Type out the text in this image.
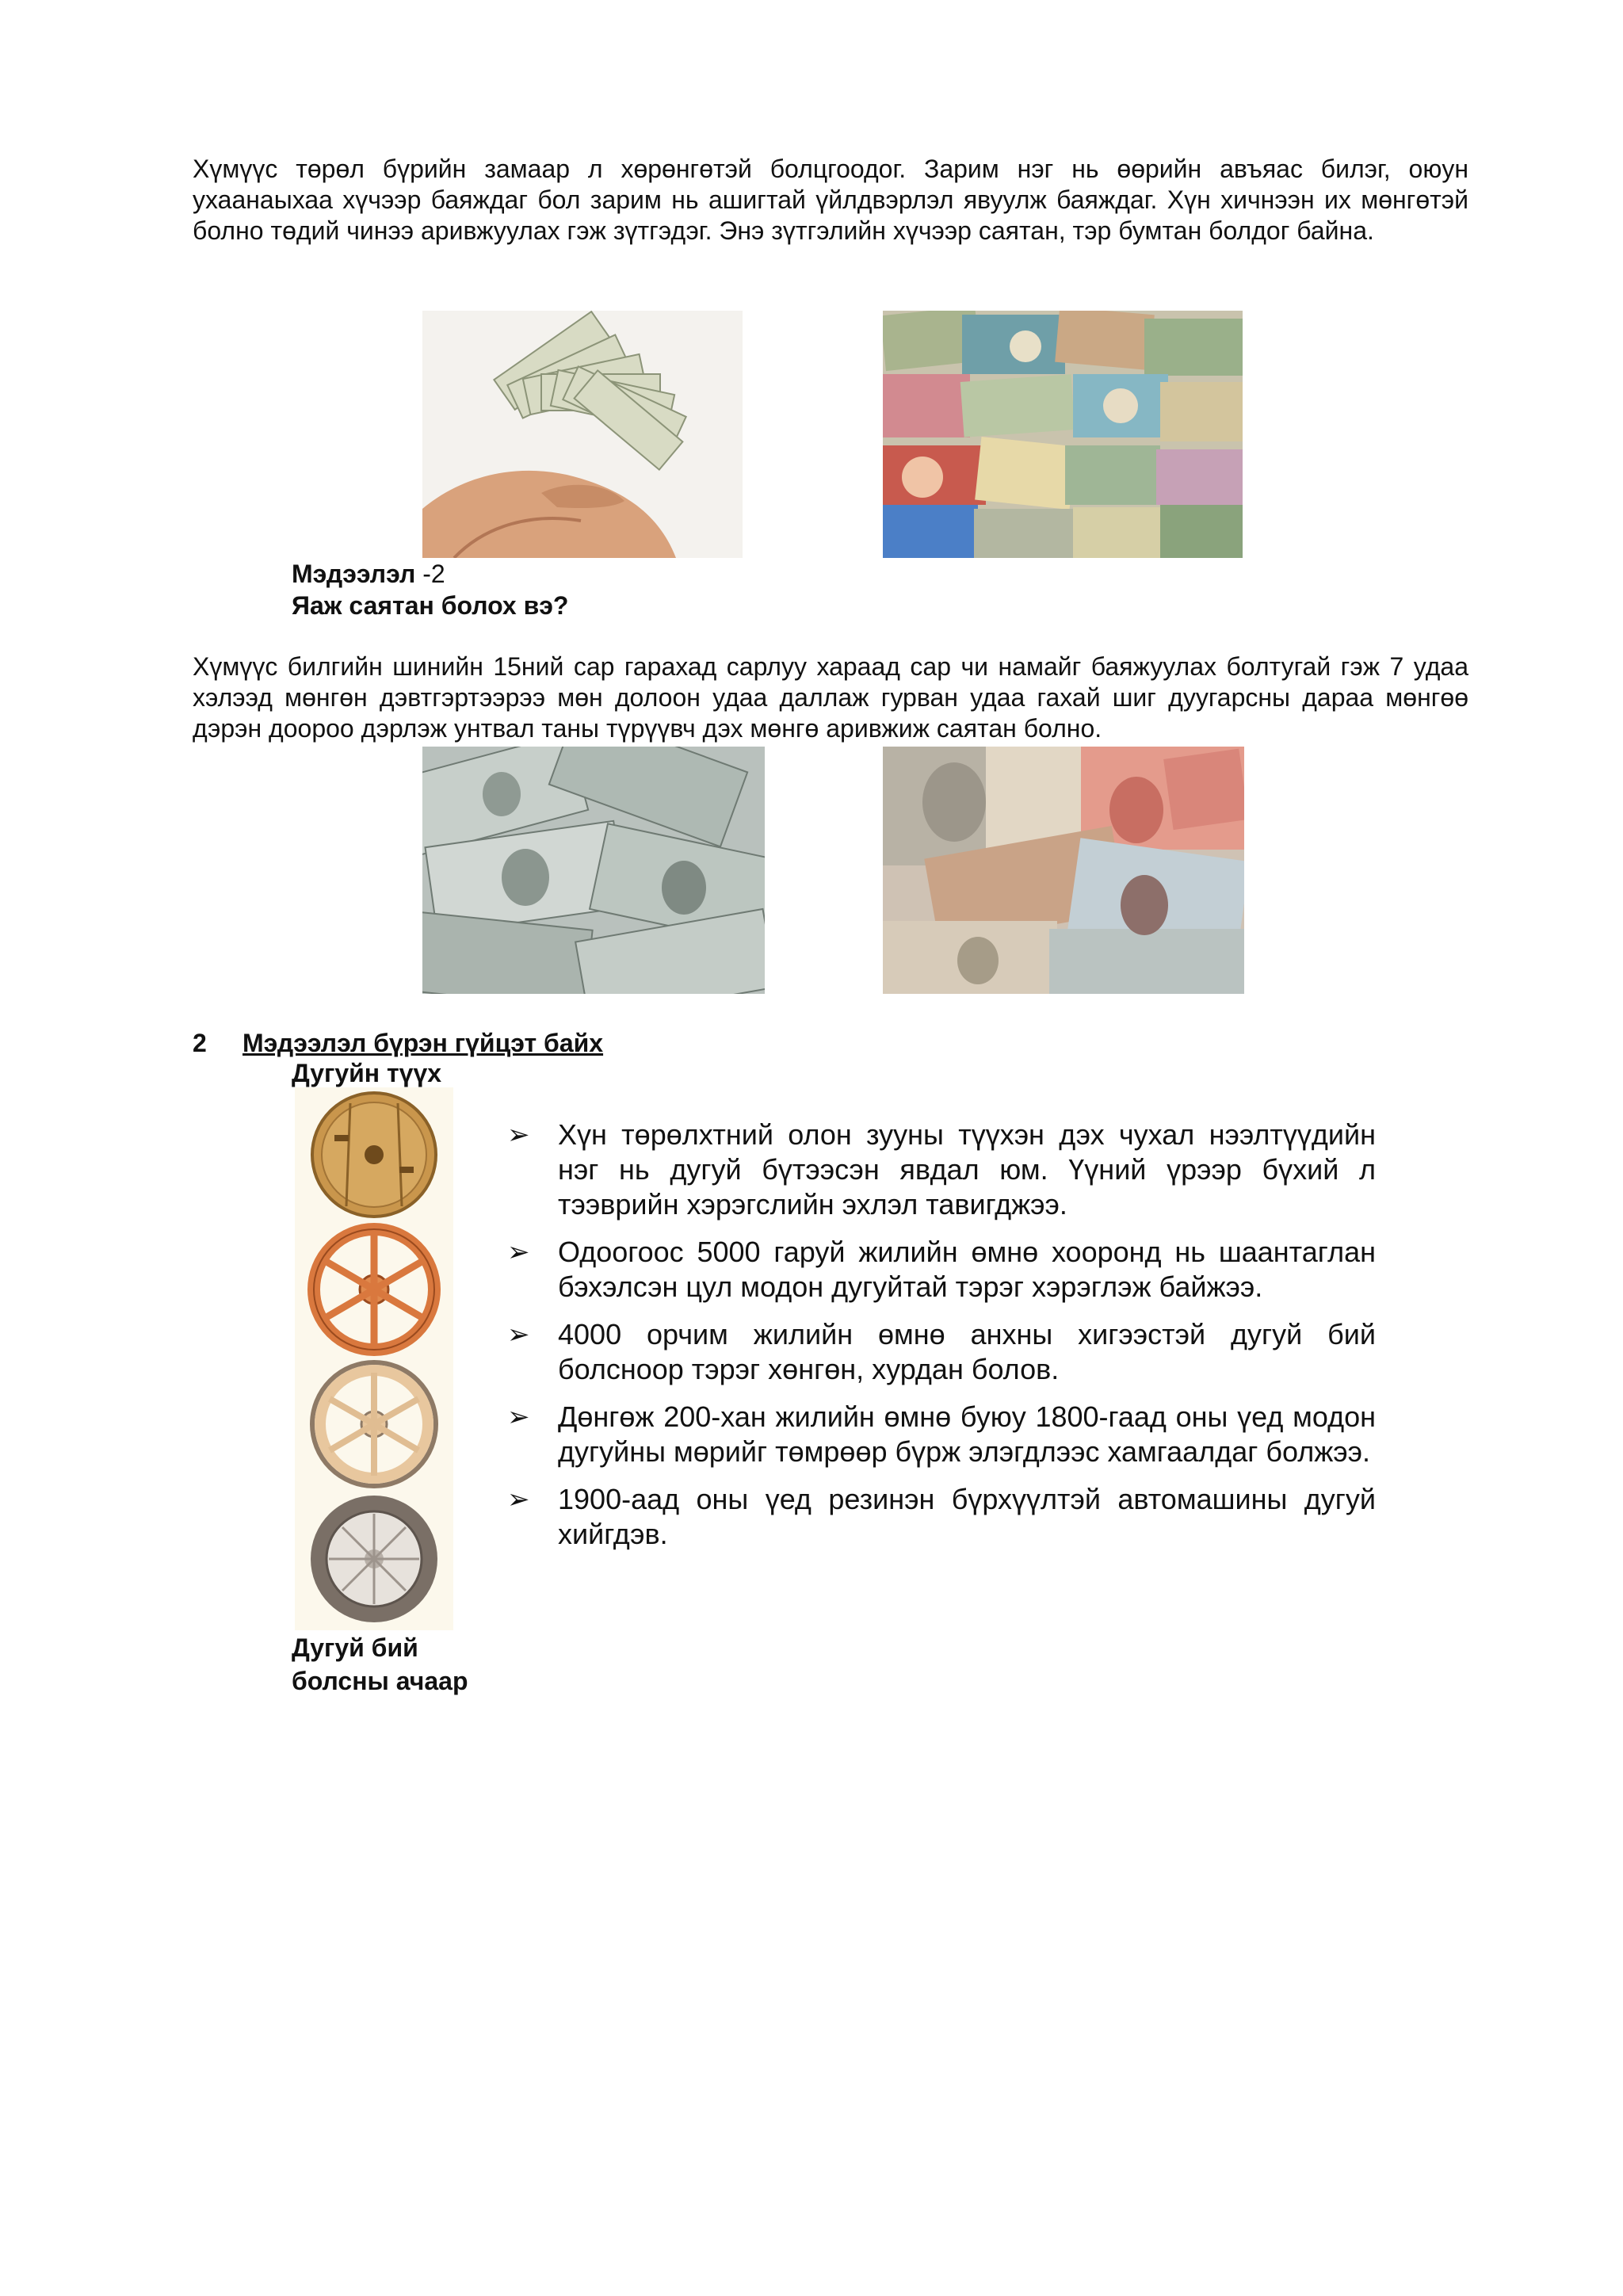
Хүмүүс төрөл бүрийн замаар л хөрөнгөтэй болцгоодог. Зарим нэг нь өөрийн авъяас билэг, оюун ухаанаыхаа хүчээр баяждаг бол зарим нь ашигтай үйлдвэрлэл явуулж баяждаг. Хүн хичнээн их мөнгөтэй болно төдий чинээ аривжуулах гэж зүтгэдэг. Энэ зүтгэлийн хүчээр саятан, тэр бумтан болдог байна.

Мэдээлэл -2
Яаж саятан болох вэ?

Хүмүүс билгийн шинийн 15ний сар гарахад сарлуу хараад сар чи намайг баяжуулах болтугай гэж 7 удаа хэлээд мөнгөн дэвтгэртээрээ мөн долоон удаа даллаж гурван удаа гахай шиг дуугарсны дараа мөнгөө дэрэн доороо дэрлэж унтвал таны түрүүвч дэх мөнгө аривжиж саятан болно.

2 Мэдээлэл бүрэн гүйцэт байх
Дугуйн түүх
Дугуй бий болсны ачаар
➢ Хүн төрөлхтний олон зууны түүхэн дэх чухал нээлтүүдийн нэг нь дугуй бүтээсэн явдал юм. Үүний үрээр бүхий л тээврийн хэрэгслийн эхлэл тавигджээ.
➢ Одоогоос 5000 гаруй жилийн өмнө хооронд нь шаантаглан бэхэлсэн цул модон дугуйтай тэрэг хэрэглэж байжээ.
➢ 4000 орчим жилийн өмнө анхны хигээстэй дугуй бий болсноор тэрэг хөнгөн, хурдан болов.
➢ Дөнгөж 200-хан жилийн өмнө буюу 1800-гаад оны үед модон дугуйны мөрийг төмрөөр бүрж элэгдлээс хамгаалдаг болжээ.
➢ 1900-аад оны үед резинэн бүрхүүлтэй автомашины дугуй хийгдэв.
